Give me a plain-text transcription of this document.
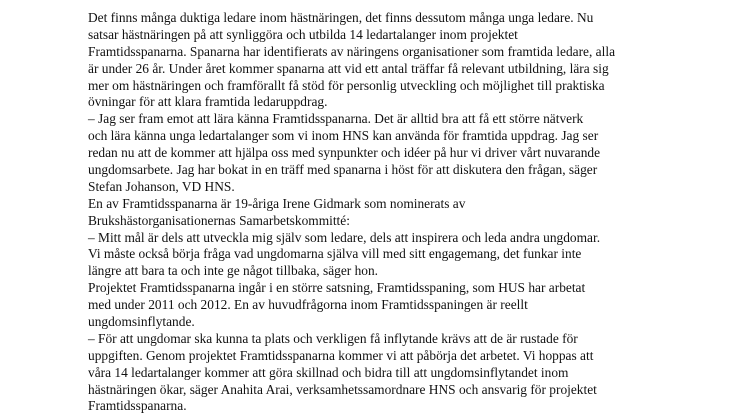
Det finns många duktiga ledare inom hästnäringen, det finns dessutom många unga ledare. Nu
satsar hästnäringen på att synliggöra och utbilda 14 ledartalanger inom projektet
Framtidsspanarna. Spanarna har identifierats av näringens organisationer som framtida ledare, alla
är under 26 år. Under året kommer spanarna att vid ett antal träffar få relevant utbildning, lära sig
mer om hästnäringen och framförallt få stöd för personlig utveckling och möjlighet till praktiska
övningar för att klara framtida ledaruppdrag.
– Jag ser fram emot att lära känna Framtidsspanarna. Det är alltid bra att få ett större nätverk
och lära känna unga ledartalanger som vi inom HNS kan använda för framtida uppdrag. Jag ser
redan nu att de kommer att hjälpa oss med synpunkter och idéer på hur vi driver vårt nuvarande
ungdomsarbete. Jag har bokat in en träff med spanarna i höst för att diskutera den frågan, säger
Stefan Johanson, VD HNS.
En av Framtidsspanarna är 19-åriga Irene Gidmark som nominerats av
Brukshästorganisationernas Samarbetskommitté:
– Mitt mål är dels att utveckla mig själv som ledare, dels att inspirera och leda andra ungdomar.
Vi måste också börja fråga vad ungdomarna själva vill med sitt engagemang, det funkar inte
längre att bara ta och inte ge något tillbaka, säger hon.
Projektet Framtidsspanarna ingår i en större satsning, Framtidsspaning, som HUS har arbetat
med under 2011 och 2012. En av huvudfrågorna inom Framtidsspaningen är reellt
ungdomsinflytande.
– För att ungdomar ska kunna ta plats och verkligen få inflytande krävs att de är rustade för
uppgiften. Genom projektet Framtidsspanarna kommer vi att påbörja det arbetet. Vi hoppas att
våra 14 ledartalanger kommer att göra skillnad och bidra till att ungdomsinflytandet inom
hästnäringen ökar, säger Anahita Arai, verksamhetssamordnare HNS och ansvarig för projektet
Framtidsspanarna.
